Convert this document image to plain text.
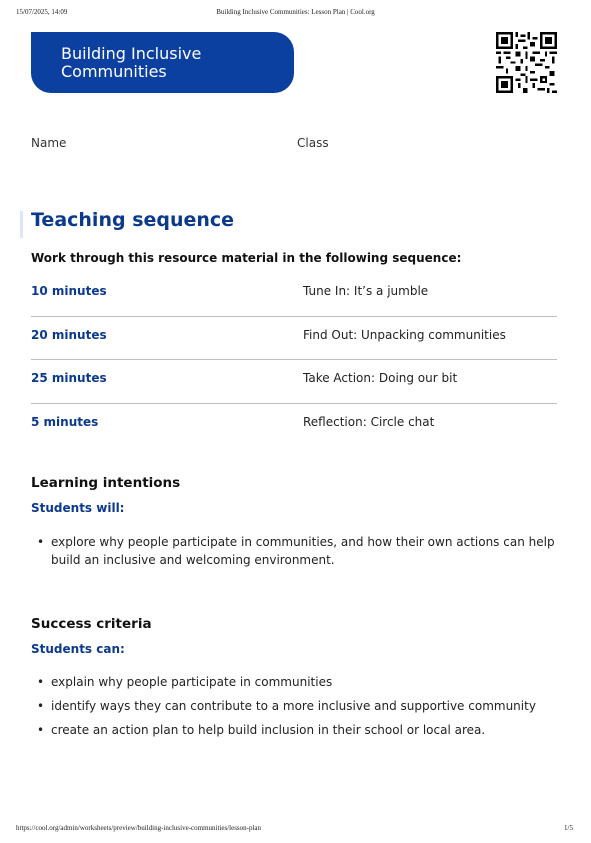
15/07/2025, 14:09	Building Inclusive Communities: Lesson Plan | Cool.org
Building Inclusive
Communities
Name	Class
Teaching sequence
Work through this resource material in the following sequence:
10 minutes	Tune In: It’s a jumble
20 minutes	Find Out: Unpacking communities
25 minutes	Take Action: Doing our bit
5 minutes	Reflection: Circle chat
Learning intentions
Students will:
• explore why people participate in communities, and how their own actions can help build an inclusive and welcoming environment.
Success criteria
Students can:
• explain why people participate in communities
• identify ways they can contribute to a more inclusive and supportive community
• create an action plan to help build inclusion in their school or local area.
https://cool.org/admin/worksheets/preview/building-inclusive-communities/lesson-plan	1/5
